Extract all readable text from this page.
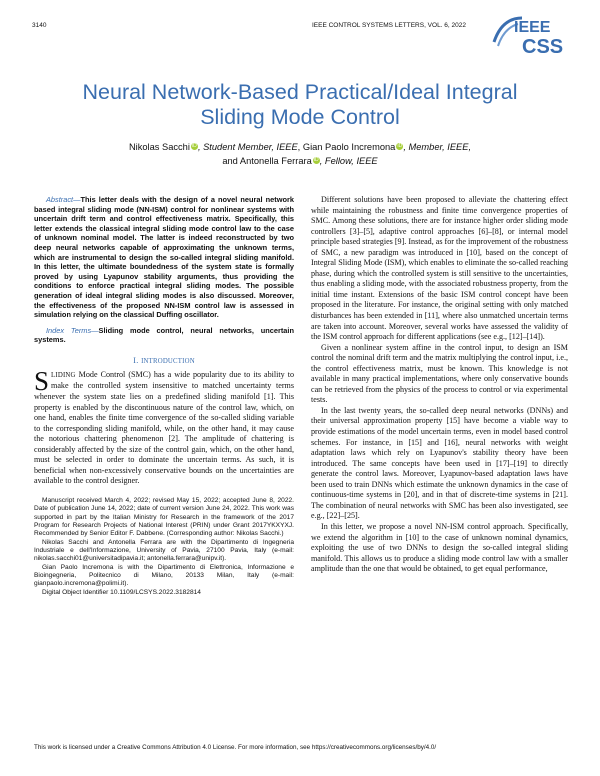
3140	IEEE CONTROL SYSTEMS LETTERS, VOL. 6, 2022	IEEE
CSS
Neural Network-Based Practical/Ideal Integral
Sliding Mode Control
Nikolas Sacchi iD, Student Member, IEEE, Gian Paolo Incremona iD, Member, IEEE,
and Antonella Ferrara iD, Fellow, IEEE

Abstract—This letter deals with the design of a novel neural network based integral sliding mode (NN-ISM) control for nonlinear systems with uncertain drift term and control effectiveness matrix. Specifically, this letter extends the classical integral sliding mode control law to the case of unknown nominal model. The latter is indeed reconstructed by two deep neural networks capable of approximating the unknown terms, which are instrumental to design the so-called integral sliding manifold. In this letter, the ultimate boundedness of the system state is formally proved by using Lyapunov stability arguments, thus providing the conditions to enforce practical integral sliding modes. The possible generation of ideal integral sliding modes is also discussed. Moreover, the effectiveness of the proposed NN-ISM control law is assessed in simulation relying on the classical Duffing oscillator.

Index Terms—Sliding mode control, neural networks, uncertain systems.

I. INTRODUCTION

SLIDING Mode Control (SMC) has a wide popularity due to its ability to make the controlled system insensitive to matched uncertainty terms whenever the system state lies on a predefined sliding manifold [1]. This property is enabled by the discontinuous nature of the control law, which, on one hand, enables the finite time convergence of the so-called sliding variable to the corresponding sliding manifold, while, on the other hand, it may cause the notorious chattering phenomenon [2]. The amplitude of chattering is considerably affected by the size of the control gain, which, on the other hand, must be selected in order to dominate the uncertain terms. As such, it is beneficial when non-excessively conservative bounds on the uncertainties are available to the control designer.

Manuscript received March 4, 2022; revised May 15, 2022; accepted June 8, 2022. Date of publication June 14, 2022; date of current version June 24, 2022. This work was supported in part by the Italian Ministry for Research in the framework of the 2017 Program for Research Projects of National Interest (PRIN) under Grant 2017YKXYXJ. Recommended by Senior Editor F. Dabbene. (Corresponding author: Nikolas Sacchi.)

Nikolas Sacchi and Antonella Ferrara are with the Dipartimento di Ingegneria Industriale e dell'Informazione, University of Pavia, 27100 Pavia, Italy (e-mail: nikolas.sacchi01@universitadipavia.it; antonella.ferrara@unipv.it).

Gian Paolo Incremona is with the Dipartimento di Elettronica, Informazione e Bioingegneria, Politecnico di Milano, 20133 Milan, Italy (e-mail: gianpaolo.incremona@polimi.it).

Digital Object Identifier 10.1109/LCSYS.2022.3182814

Different solutions have been proposed to alleviate the chattering effect while maintaining the robustness and finite time convergence properties of SMC. Among these solutions, there are for instance higher order sliding mode controllers [3]–[5], adaptive control approaches [6]–[8], or internal model principle based strategies [9]. Instead, as for the improvement of the robustness of SMC, a new paradigm was introduced in [10], based on the concept of Integral Sliding Mode (ISM), which enables to eliminate the so-called reaching phase, during which the controlled system is still sensitive to the uncertainties, thus enabling a sliding mode, with the associated robustness property, from the initial time instant. Extensions of the basic ISM control concept have been proposed in the literature. For instance, the original setting with only matched disturbances has been extended in [11], where also unmatched uncertain terms are taken into account. Moreover, several works have assessed the validity of the ISM control approach for different applications (see e.g., [12]–[14]).

Given a nonlinear system affine in the control input, to design an ISM control the nominal drift term and the matrix multiplying the control input, i.e., the control effectiveness matrix, must be known. This knowledge is not available in many practical implementations, where only conservative bounds can be retrieved from the physics of the process to control or via experimental tests.

In the last twenty years, the so-called deep neural networks (DNNs) and their universal approximation property [15] have become a viable way to provide estimations of the model uncertain terms, even in model based control schemes. For instance, in [15] and [16], neural networks with weight adaptation laws which rely on Lyapunov's stability theory have been introduced. The same concepts have been used in [17]–[19] to directly generate the control laws. Moreover, Lyapunov-based adaptation laws have been used to train DNNs which estimate the unknown dynamics in the case of continuous-time systems in [20], and in that of discrete-time systems in [21]. The combination of neural networks with SMC has been also investigated, see e.g., [22]–[25].

In this letter, we propose a novel NN-ISM control approach. Specifically, we extend the algorithm in [10] to the case of unknown nominal dynamics, exploiting the use of two DNNs to design the so-called integral sliding manifold. This allows us to produce a sliding mode control law with a smaller amplitude than the one that would be obtained, to get equal performance,

This work is licensed under a Creative Commons Attribution 4.0 License. For more information, see https://creativecommons.org/licenses/by/4.0/
